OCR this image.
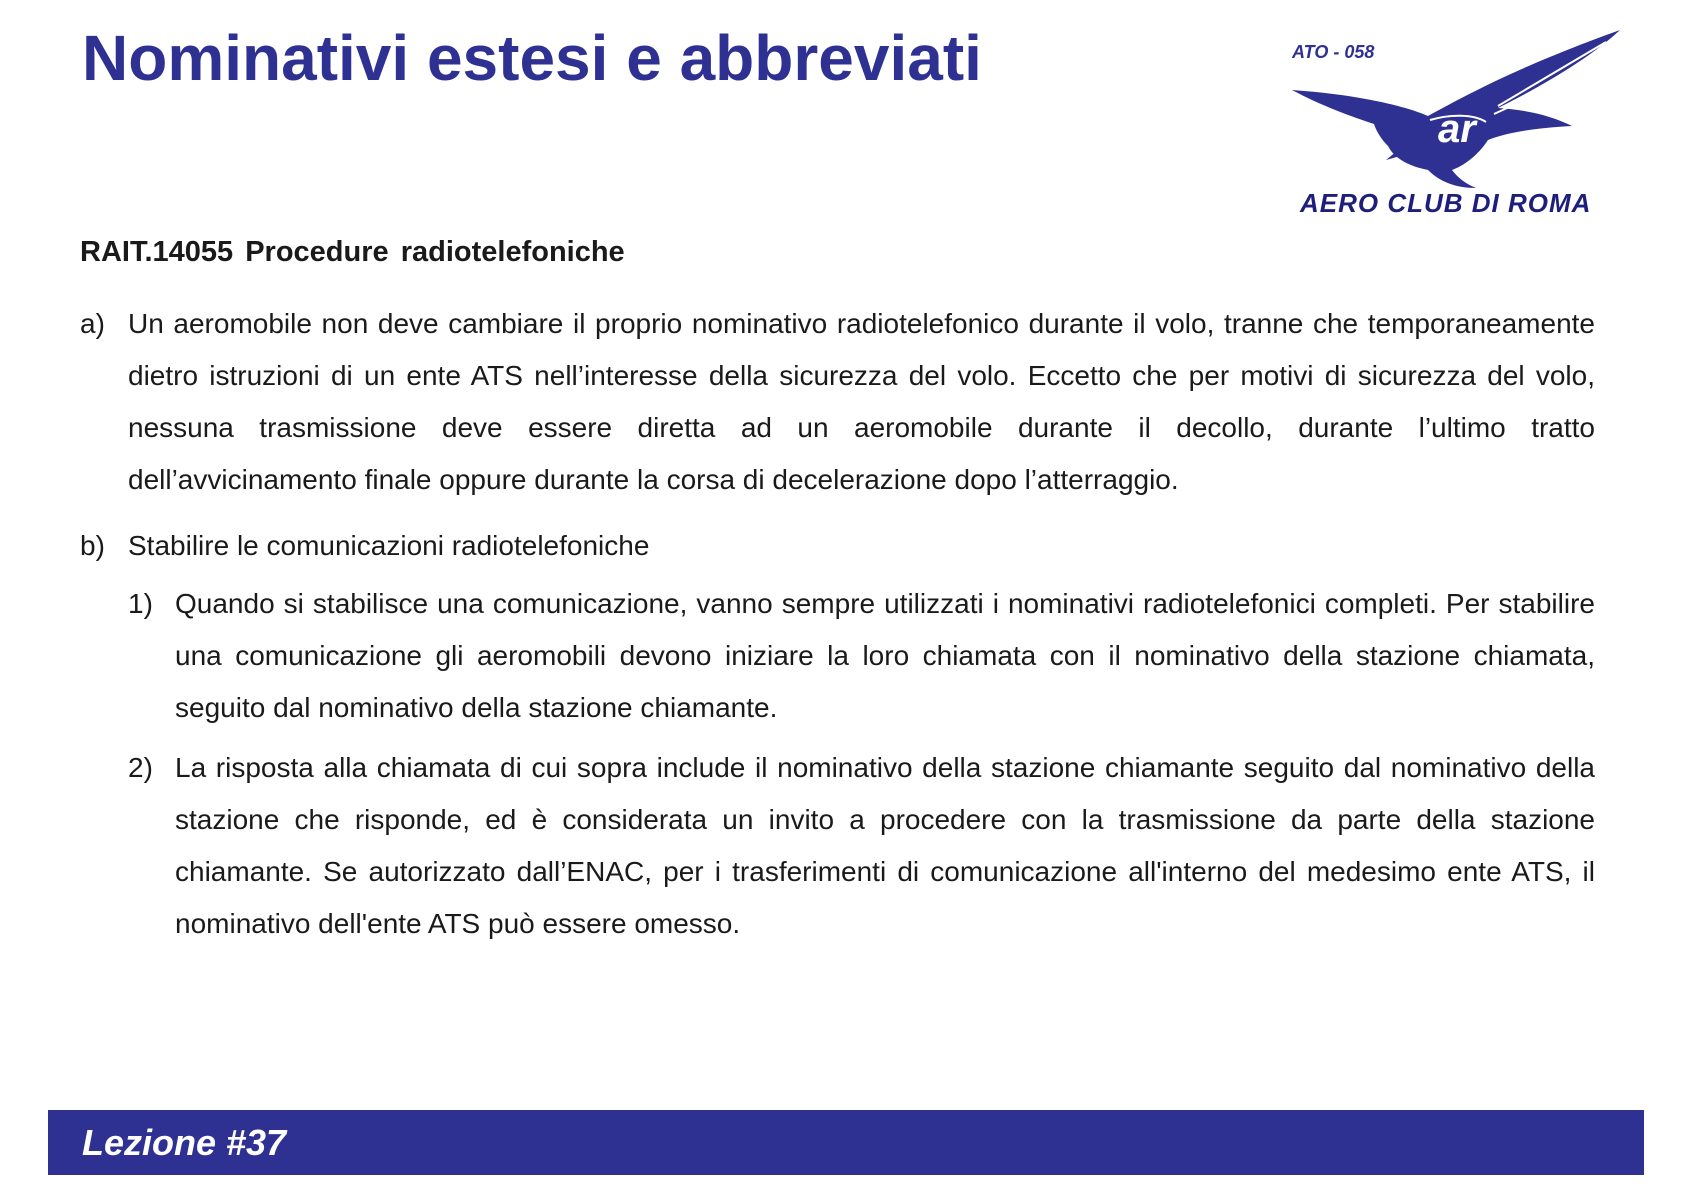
Nominativi estesi e abbreviati	ATO - 058
ar
AERO CLUB DI ROMA
RAIT.14055 Procedure radiotelefoniche
a) Un aeromobile non deve cambiare il proprio nominativo radiotelefonico durante il volo, tranne che temporaneamente dietro istruzioni di un ente ATS nell’interesse della sicurezza del volo. Eccetto che per motivi di sicurezza del volo, nessuna trasmissione deve essere diretta ad un aeromobile durante il decollo, durante l’ultimo tratto dell’avvicinamento finale oppure durante la corsa di decelerazione dopo l’atterraggio.
b) Stabilire le comunicazioni radiotelefoniche
1) Quando si stabilisce una comunicazione, vanno sempre utilizzati i nominativi radiotelefonici completi. Per stabilire una comunicazione gli aeromobili devono iniziare la loro chiamata con il nominativo della stazione chiamata, seguito dal nominativo della stazione chiamante.
2) La risposta alla chiamata di cui sopra include il nominativo della stazione chiamante seguito dal nominativo della stazione che risponde, ed è considerata un invito a procedere con la trasmissione da parte della stazione chiamante. Se autorizzato dall’ENAC, per i trasferimenti di comunicazione all'interno del medesimo ente ATS, il nominativo dell'ente ATS può essere omesso.
Lezione #37
